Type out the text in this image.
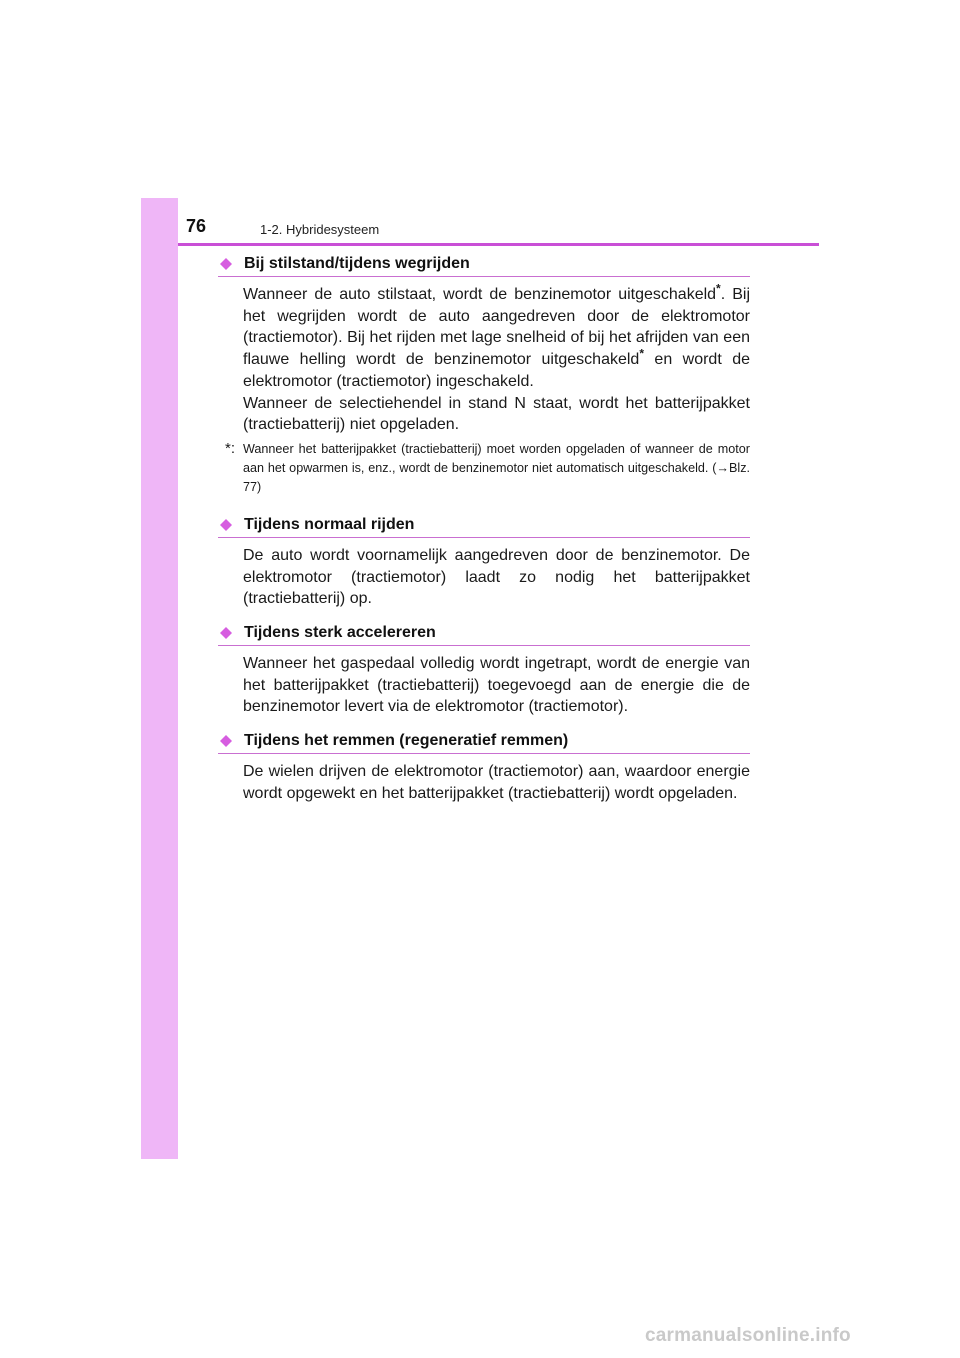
76	1-2. Hybridesysteem
Bij stilstand/tijdens wegrijden

Wanneer de auto stilstaat, wordt de benzinemotor uitgeschakeld*. Bij het wegrijden wordt de auto aangedreven door de elektromotor (tractiemotor). Bij het rijden met lage snelheid of bij het afrijden van een flauwe helling wordt de benzinemotor uitgeschakeld* en wordt de elektromotor (tractiemotor) ingeschakeld.

Wanneer de selectiehendel in stand N staat, wordt het batterijpakket (tractiebatterij) niet opgeladen.

*: Wanneer het batterijpakket (tractiebatterij) moet worden opgeladen of wanneer de motor aan het opwarmen is, enz., wordt de benzinemotor niet automatisch uitgeschakeld. (→Blz. 77)
Tijdens normaal rijden
De auto wordt voornamelijk aangedreven door de benzinemotor. De elektromotor (tractiemotor) laadt zo nodig het batterijpakket (tractiebatterij) op.
Tijdens sterk accelereren
Wanneer het gaspedaal volledig wordt ingetrapt, wordt de energie van het batterijpakket (tractiebatterij) toegevoegd aan de energie die de benzinemotor levert via de elektromotor (tractiemotor).
Tijdens het remmen (regeneratief remmen)
De wielen drijven de elektromotor (tractiemotor) aan, waardoor energie wordt opgewekt en het batterijpakket (tractiebatterij) wordt opgeladen.
carmanualsonline.info
